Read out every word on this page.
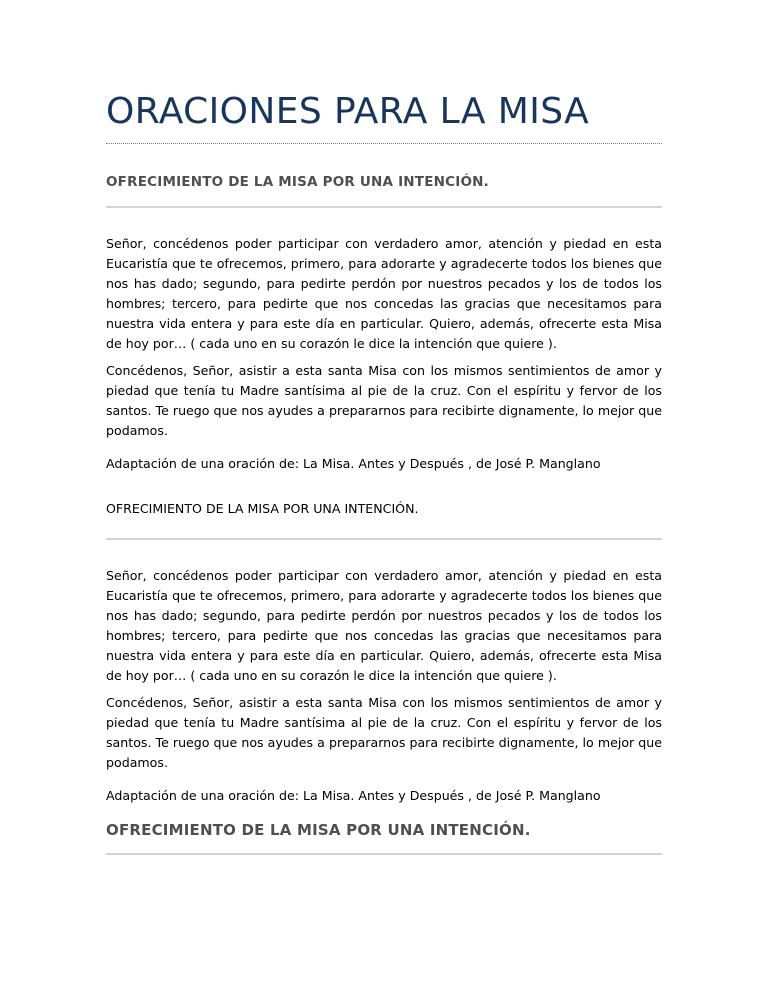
ORACIONES PARA LA MISA
OFRECIMIENTO DE LA MISA POR UNA INTENCIÓN.

Señor, concédenos poder participar con verdadero amor, atención y piedad en esta Eucaristía que te ofrecemos, primero, para adorarte y agradecerte todos los bienes que nos has dado; segundo, para pedirte perdón por nuestros pecados y los de todos los hombres; tercero, para pedirte que nos concedas las gracias que necesitamos para nuestra vida entera y para este día en particular. Quiero, además, ofrecerte esta Misa de hoy por… ( cada uno en su corazón le dice la intención que quiere ).

Concédenos, Señor, asistir a esta santa Misa con los mismos sentimientos de amor y piedad que tenía tu Madre santísima al pie de la cruz. Con el espíritu y fervor de los santos. Te ruego que nos ayudes a prepararnos para recibirte dignamente, lo mejor que podamos.

Adaptación de una oración de: La Misa. Antes y Después , de José P. Manglano

OFRECIMIENTO DE LA MISA POR UNA INTENCIÓN.

Señor, concédenos poder participar con verdadero amor, atención y piedad en esta Eucaristía que te ofrecemos, primero, para adorarte y agradecerte todos los bienes que nos has dado; segundo, para pedirte perdón por nuestros pecados y los de todos los hombres; tercero, para pedirte que nos concedas las gracias que necesitamos para nuestra vida entera y para este día en particular. Quiero, además, ofrecerte esta Misa de hoy por… ( cada uno en su corazón le dice la intención que quiere ).

Concédenos, Señor, asistir a esta santa Misa con los mismos sentimientos de amor y piedad que tenía tu Madre santísima al pie de la cruz. Con el espíritu y fervor de los santos. Te ruego que nos ayudes a prepararnos para recibirte dignamente, lo mejor que podamos.

Adaptación de una oración de: La Misa. Antes y Después , de José P. Manglano

OFRECIMIENTO DE LA MISA POR UNA INTENCIÓN.
